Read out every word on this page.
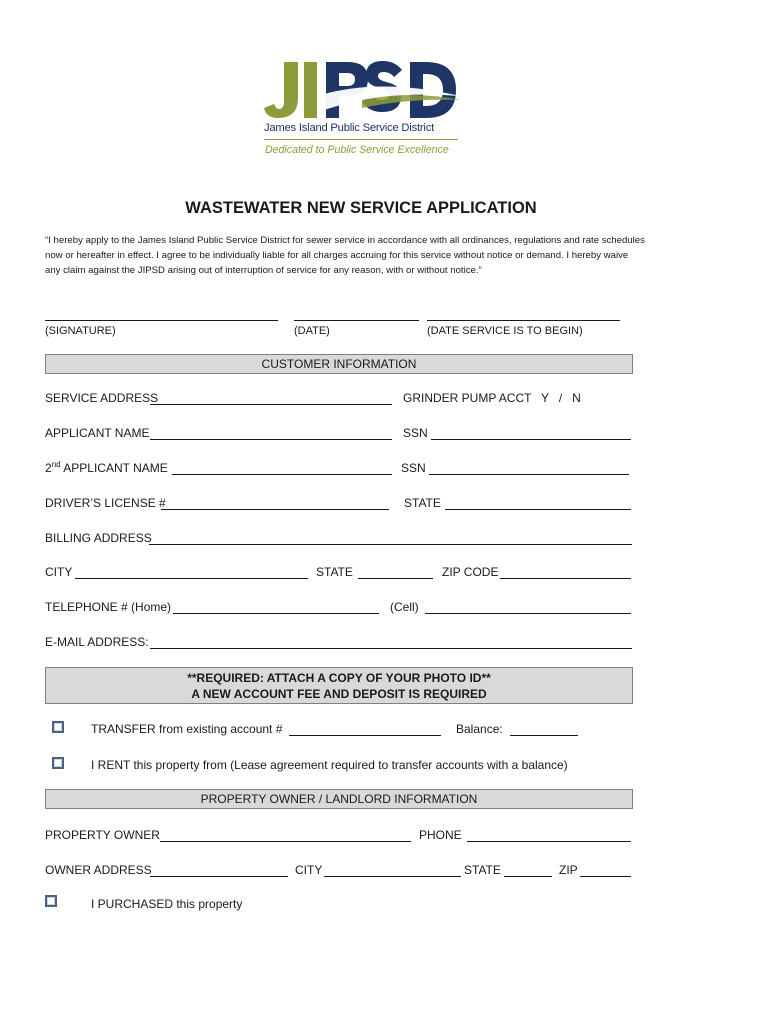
James Island Public Service District
Dedicated to Public Service Excellence
WASTEWATER NEW SERVICE APPLICATION
“I hereby apply to the James Island Public Service District for sewer service in accordance with all ordinances, regulations and rate schedules
now or hereafter in effect. I agree to be individually liable for all charges accruing for this service without notice or demand. I hereby waive
any claim against the JIPSD arising out of interruption of service for any reason, with or without notice.”
(SIGNATURE)	(DATE)	(DATE SERVICE IS TO BEGIN)
CUSTOMER INFORMATION
SERVICE ADDRESS	GRINDER PUMP ACCT   Y   /   N
APPLICANT NAME	SSN
2nd APPLICANT NAME	SSN
DRIVER’S LICENSE #	STATE
BILLING ADDRESS
CITY	STATE	ZIP CODE
TELEPHONE # (Home)	(Cell)
E-MAIL ADDRESS:
**REQUIRED: ATTACH A COPY OF YOUR PHOTO ID**
A NEW ACCOUNT FEE AND DEPOSIT IS REQUIRED
TRANSFER from existing account #	Balance:
I RENT this property from (Lease agreement required to transfer accounts with a balance)
PROPERTY OWNER / LANDLORD INFORMATION
PROPERTY OWNER	PHONE
OWNER ADDRESS	CITY	STATE	ZIP
I PURCHASED this property
